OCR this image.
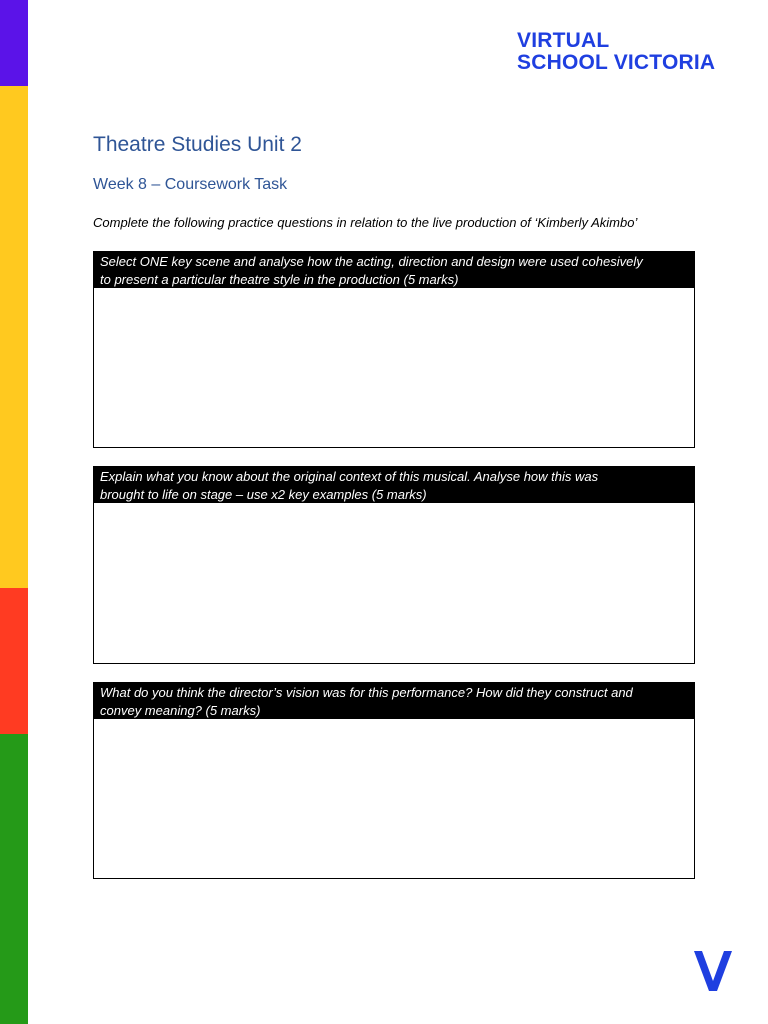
VIRTUAL
SCHOOL VICTORIA
Theatre Studies Unit 2
Week 8 – Coursework Task
Complete the following practice questions in relation to the live production of ‘Kimberly Akimbo’
Select ONE key scene and analyse how the acting, direction and design were used cohesively
to present a particular theatre style in the production (5 marks)
Explain what you know about the original context of this musical. Analyse how this was
brought to life on stage – use x2 key examples (5 marks)
What do you think the director’s vision was for this performance? How did they construct and
convey meaning? (5 marks)
